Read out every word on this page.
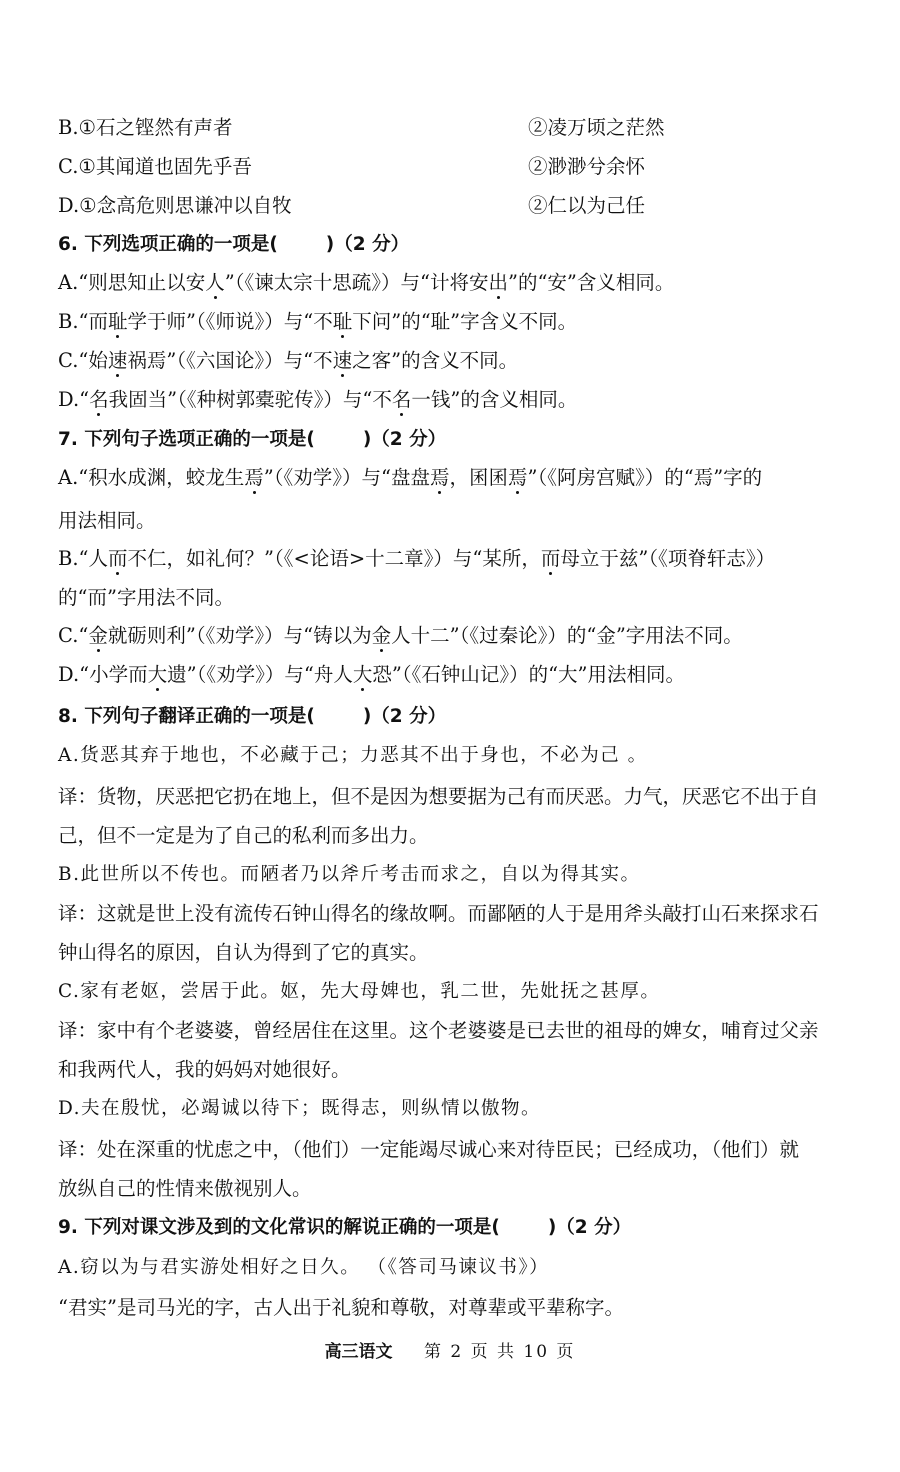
B.①石之铿然有声者	②凌万顷之茫然
C.①其闻道也固先乎吾	②渺渺兮余怀
D.①念高危则思谦冲以自牧	②仁以为己任
6. 下列选项正确的一项是(	)（2 分）
A.“则思知止以安人”（《谏太宗十思疏》）与“计将安出”的“安”含义相同。
B.“而耻学于师”（《师说》）与“不耻下问”的“耻”字含义不同。
C.“始速祸焉”（《六国论》）与“不速之客”的含义不同。
D.“名我固当”（《种树郭橐驼传》）与“不名一钱”的含义相同。
7. 下列句子选项正确的一项是(	)（2 分）
A.“积水成渊，蛟龙生焉”（《劝学》）与“盘盘焉，囷囷焉”（《阿房宫赋》）的“焉”字的
用法相同。
B.“人而不仁，如礼何？”（《<论语>十二章》）与“某所，而母立于兹”（《项脊轩志》）
的“而”字用法不同。
C.“金就砺则利”（《劝学》）与“铸以为金人十二”（《过秦论》）的“金”字用法不同。
D.“小学而大遗”（《劝学》）与“舟人大恐”（《石钟山记》）的“大”用法相同。
8. 下列句子翻译正确的一项是(	)（2 分）
A.货恶其弃于地也，不必藏于己；力恶其不出于身也，不必为己 。
译：货物，厌恶把它扔在地上，但不是因为想要据为己有而厌恶。力气，厌恶它不出于自
己，但不一定是为了自己的私利而多出力。
B.此世所以不传也。而陋者乃以斧斤考击而求之，自以为得其实。
译：这就是世上没有流传石钟山得名的缘故啊。而鄙陋的人于是用斧头敲打山石来探求石
钟山得名的原因，自认为得到了它的真实。
C.家有老妪，尝居于此。妪，先大母婢也，乳二世，先妣抚之甚厚。
译：家中有个老婆婆，曾经居住在这里。这个老婆婆是已去世的祖母的婢女，哺育过父亲
和我两代人，我的妈妈对她很好。
D.夫在殷忧，必竭诚以待下；既得志，则纵情以傲物。
译：处在深重的忧虑之中，（他们）一定能竭尽诚心来对待臣民；已经成功，（他们）就
放纵自己的性情来傲视别人。
9. 下列对课文涉及到的文化常识的解说正确的一项是(	)（2 分）
A.窃以为与君实游处相好之日久。 （《答司马谏议书》）
“君实”是司马光的字，古人出于礼貌和尊敬，对尊辈或平辈称字。
高三语文 第 2 页 共 10 页
